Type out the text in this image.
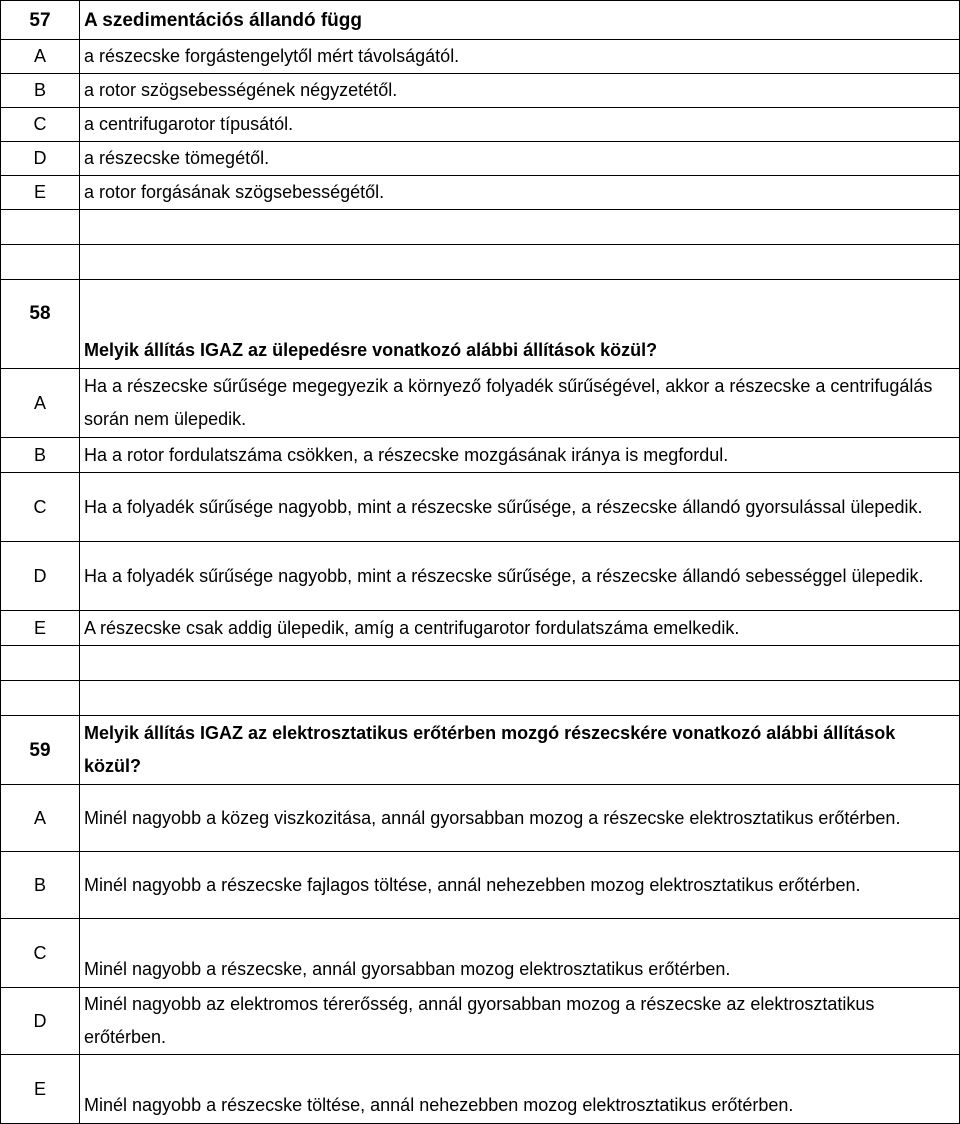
57	A szedimentációs állandó függ
A	a részecske forgástengelytől mért távolságától.
B	a rotor szögsebességének négyzetétől.
C	a centrifugarotor típusától.
D	a részecske tömegétől.
E	a rotor forgásának szögsebességétől.

58	Melyik állítás IGAZ az ülepedésre vonatkozó alábbi állítások közül?
A	Ha a részecske sűrűsége megegyezik a környező folyadék sűrűségével, akkor a részecske a centrifugálás során nem ülepedik.
B	Ha a rotor fordulatszáma csökken, a részecske mozgásának iránya is megfordul.
C	Ha a folyadék sűrűsége nagyobb, mint a részecske sűrűsége, a részecske állandó gyorsulással ülepedik.
D	Ha a folyadék sűrűsége nagyobb, mint a részecske sűrűsége, a részecske állandó sebességgel ülepedik.
E	A részecske csak addig ülepedik, amíg a centrifugarotor fordulatszáma emelkedik.

59	Melyik állítás IGAZ az elektrosztatikus erőtérben mozgó részecskére vonatkozó alábbi állítások közül?
A	Minél nagyobb a közeg viszkozitása, annál gyorsabban mozog a részecske elektrosztatikus erőtérben.
B	Minél nagyobb a részecske fajlagos töltése, annál nehezebben mozog elektrosztatikus erőtérben.
C	Minél nagyobb a részecske, annál gyorsabban mozog elektrosztatikus erőtérben.
D	Minél nagyobb az elektromos térerősség, annál gyorsabban mozog a részecske az elektrosztatikus erőtérben.
E	Minél nagyobb a részecske töltése, annál nehezebben mozog elektrosztatikus erőtérben.
